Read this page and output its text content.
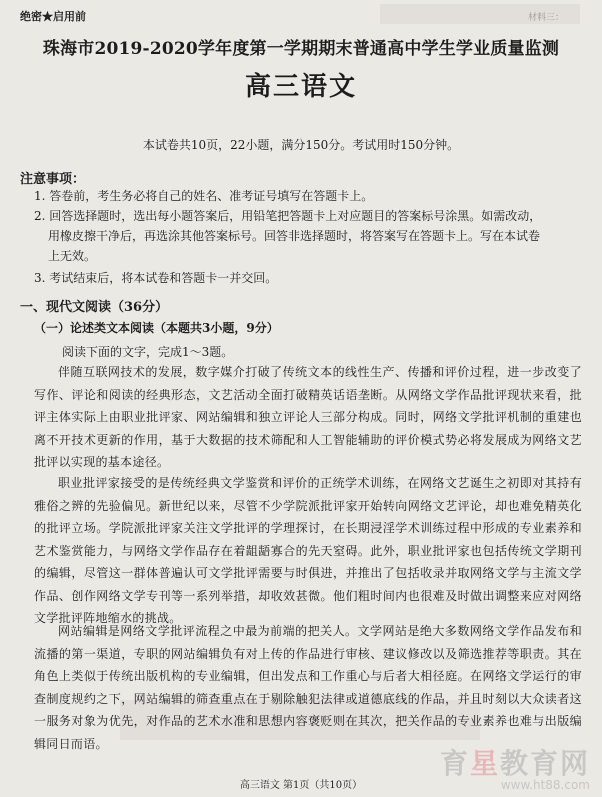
绝密★启用前	材料三：
珠海市2019-2020学年度第一学期期末普通高中学生学业质量监测
高三语文
本试卷共10页，22小题，满分150分。考试用时150分钟。
注意事项：
1. 答卷前，考生务必将自己的姓名、准考证号填写在答题卡上。
2. 回答选择题时，选出每小题答案后，用铅笔把答题卡上对应题目的答案标号涂黑。如需改动，
用橡皮擦干净后，再选涂其他答案标号。回答非选择题时，将答案写在答题卡上。写在本试卷
上无效。
3. 考试结束后，将本试卷和答题卡一并交回。
一、现代文阅读（36分）
（一）论述类文本阅读（本题共3小题，9分）
阅读下面的文字，完成1～3题。
伴随互联网技术的发展，数字媒介打破了传统文本的线性生产、传播和评价过程，进一步改变了写作、评论和阅读的经典形态，文艺活动全面打破精英话语垄断。从网络文学作品批评现状来看，批评主体实际上由职业批评家、网站编辑和独立评论人三部分构成。同时，网络文学批评机制的重建也离不开技术更新的作用，基于大数据的技术筛配和人工智能辅助的评价模式势必将发展成为网络文艺批评以实现的基本途径。
职业批评家接受的是传统经典文学鉴赏和评价的正统学术训练，在网络文艺诞生之初即对其持有雅俗之辨的先验偏见。新世纪以来，尽管不少学院派批评家开始转向网络文艺评论，却也难免精英化的批评立场。学院派批评家关注文学批评的学理探讨，在长期浸淫学术训练过程中形成的专业素养和艺术鉴赏能力，与网络文学作品存在着龃龉寡合的先天窒碍。此外，职业批评家也包括传统文学期刊的编辑，尽管这一群体普遍认可文学批评需要与时俱进，并推出了包括收录并取网络文学与主流文学作品、创作网络文学专刊等一系列举措，却收效甚微。他们粗时间内也很难及时做出调整来应对网络文学批评阵地缩水的挑战。
网站编辑是网络文学批评流程之中最为前端的把关人。文学网站是绝大多数网络文学作品发布和流播的第一渠道，专职的网站编辑负有对上传的作品进行审核、建议修改以及筛选推荐等职责。其在角色上类似于传统出版机构的专业编辑，但出发点和工作重心与后者大相径庭。在网络文学运行的审查制度规约之下，网站编辑的筛查重点在于剔除触犯法律或道德底线的作品，并且时刻以大众读者这一服务对象为优先，对作品的艺术水准和思想内容褒贬则在其次，把关作品的专业素养也难与出版编辑同日而语。
高三语文 第1页（共10页）
育星教育网
www.ht88.com
